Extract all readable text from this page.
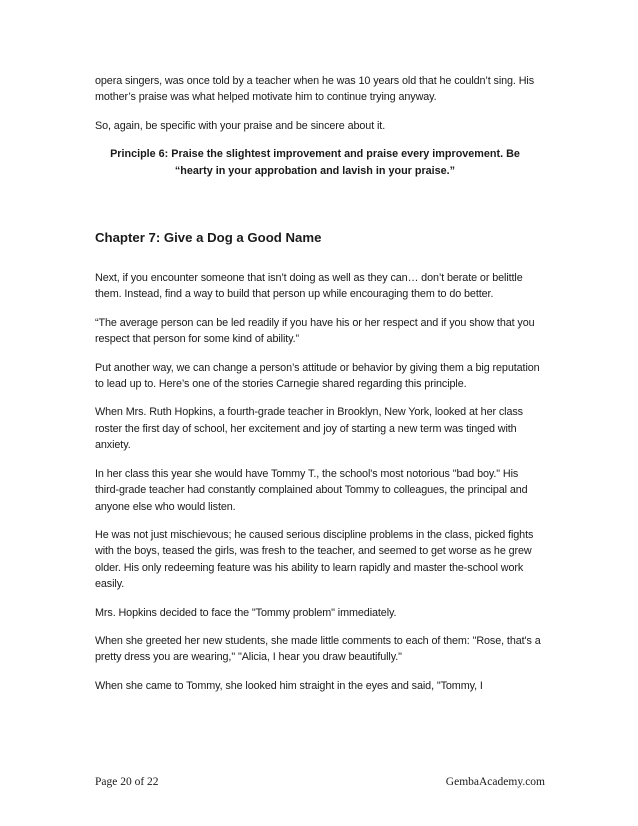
opera singers, was once told by a teacher when he was 10 years old that he couldn’t sing. His mother’s praise was what helped motivate him to continue trying anyway.

So, again, be specific with your praise and be sincere about it.

Principle 6: Praise the slightest improvement and praise every improvement. Be
“hearty in your approbation and lavish in your praise.”
Chapter 7: Give a Dog a Good Name

Next, if you encounter someone that isn’t doing as well as they can… don’t berate or belittle them. Instead, find a way to build that person up while encouraging them to do better.

“The average person can be led readily if you have his or her respect and if you show that you respect that person for some kind of ability.”

Put another way, we can change a person’s attitude or behavior by giving them a big reputation to lead up to. Here’s one of the stories Carnegie shared regarding this principle.

When Mrs. Ruth Hopkins, a fourth-grade teacher in Brooklyn, New York, looked at her class roster the first day of school, her excitement and joy of starting a new term was tinged with anxiety.

In her class this year she would have Tommy T., the school's most notorious "bad boy." His third-grade teacher had constantly complained about Tommy to colleagues, the principal and anyone else who would listen.

He was not just mischievous; he caused serious discipline problems in the class, picked fights with the boys, teased the girls, was fresh to the teacher, and seemed to get worse as he grew older. His only redeeming feature was his ability to learn rapidly and master the-school work easily.

Mrs. Hopkins decided to face the "Tommy problem" immediately.

When she greeted her new students, she made little comments to each of them: "Rose, that's a pretty dress you are wearing," "Alicia, I hear you draw beautifully."

When she came to Tommy, she looked him straight in the eyes and said, "Tommy, I

Page 20 of 22	GembaAcademy.com
